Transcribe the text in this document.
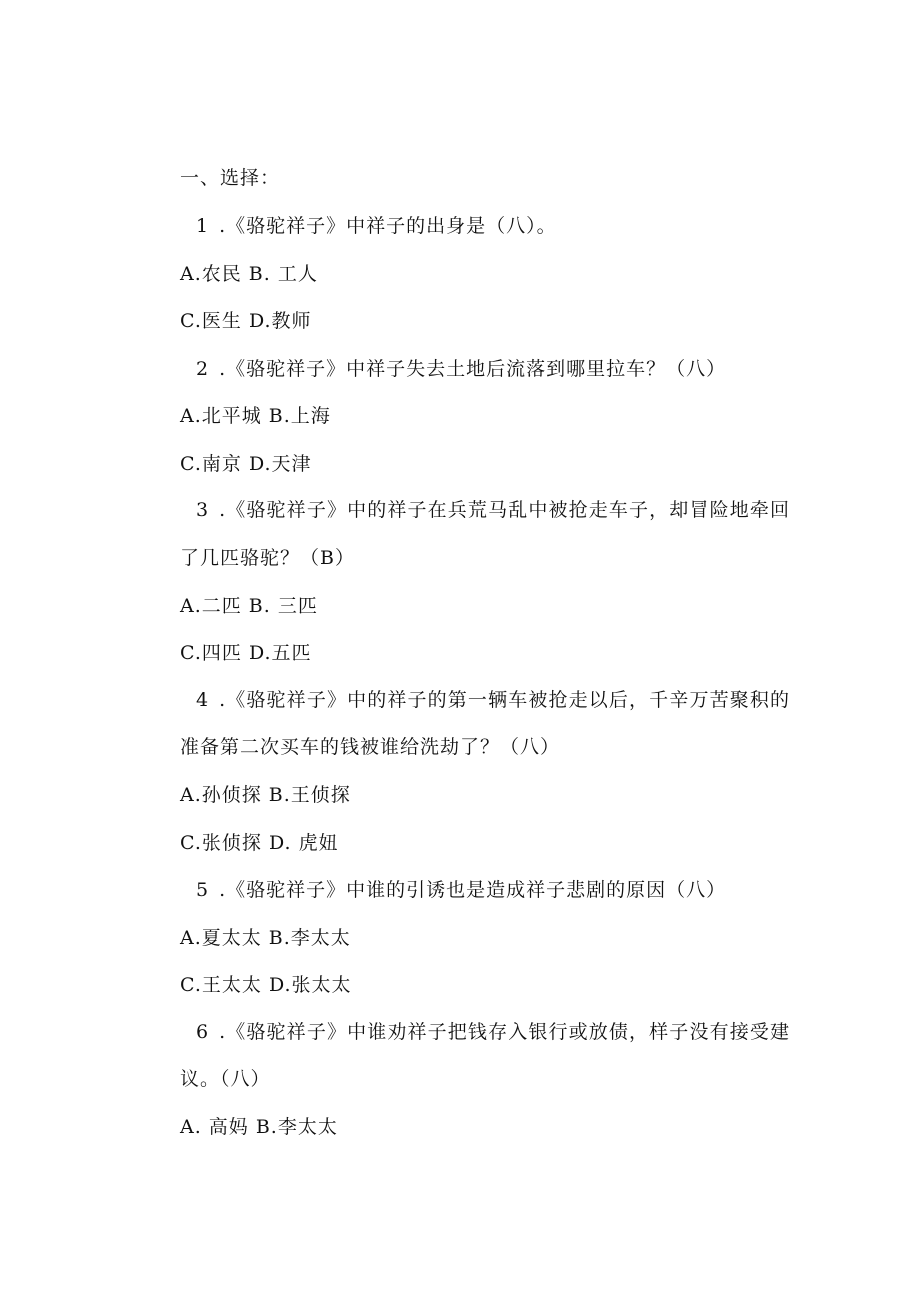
一、选择：

1 .《骆驼祥子》中祥子的出身是（八）。

A.农民 B. 工人

C.医生 D.教师

2 .《骆驼祥子》中祥子失去土地后流落到哪里拉车？（八）

A.北平城 B.上海

C.南京 D.天津

3 .《骆驼祥子》中的祥子在兵荒马乱中被抢走车子，却冒险地牵回了几匹骆驼？（B）

A.二匹 B. 三匹

C.四匹 D.五匹

4 .《骆驼祥子》中的祥子的第一辆车被抢走以后，千辛万苦聚积的准备第二次买车的钱被谁给洗劫了？（八）

A.孙侦探 B.王侦探

C.张侦探 D. 虎妞

5 .《骆驼祥子》中谁的引诱也是造成祥子悲剧的原因（八）

A.夏太太 B.李太太

C.王太太 D.张太太

6 .《骆驼祥子》中谁劝祥子把钱存入银行或放债，样子没有接受建议。（八）

A. 高妈 B.李太太
